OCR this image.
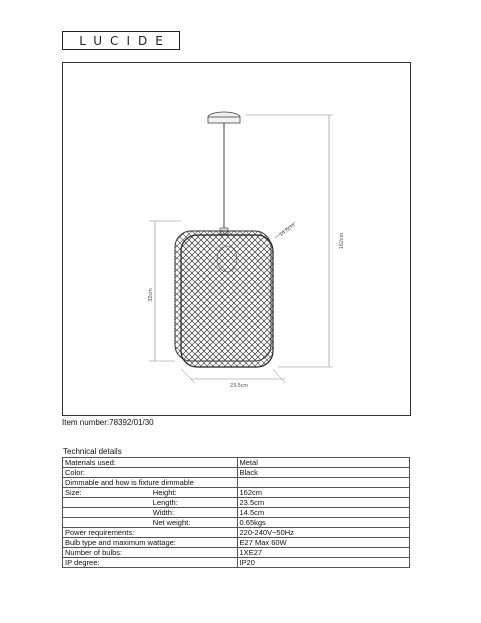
LUCIDE
162cm
32cm
14.5cm
23.5cm
Item number:78392/01/30
Technical details
Materials used:		Metal
Color:		Black
Dimmable and how is fixture dimmable		
Size:	Height:	162cm
	Length:	23.5cm
	Width:	14.5cm
	Net weight:	0.65kgs
Power requirements:		220-240V~50Hz
Bulb type and maximum wattage:		E27 Max 60W
Number of bulbs:		1XE27
IP degree:		IP20
